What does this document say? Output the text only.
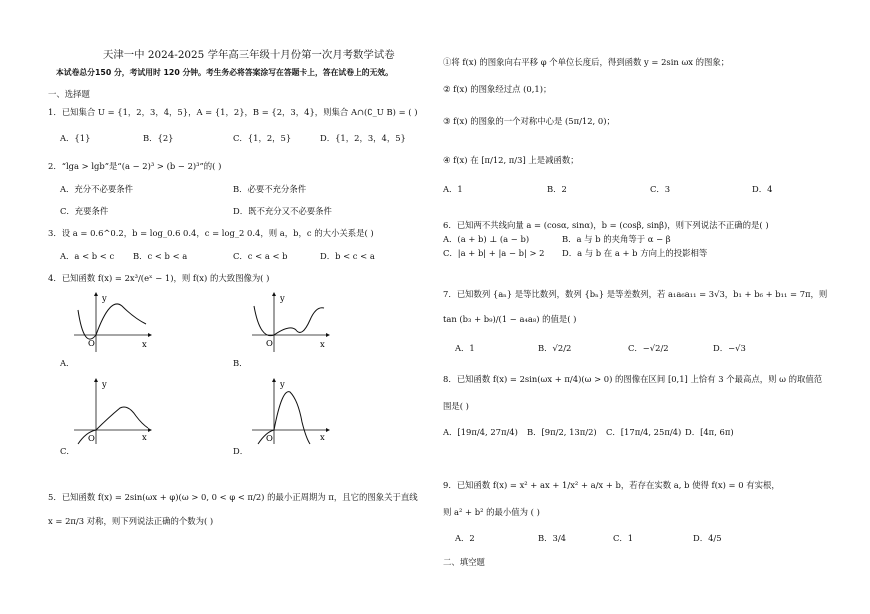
天津一中 2024-2025 学年高三年级十月份第一次月考数学试卷
本试卷总分150 分，考试用时 120 分钟。考生务必将答案涂写在答题卡上，答在试卷上的无效。
一、选择题
1．已知集合 U = {1，2，3，4，5}，A = {1，2}，B = {2，3，4}，则集合 A∩(∁_U B) = ( )
A．{1}	B．{2}	C．{1，2，5}	D．{1，2，3，4，5}
2．“lga > lgb”是“(a − 2)³ > (b − 2)³”的( )
A．充分不必要条件	B．必要不充分条件
C．充要条件	D．既不充分又不必要条件
3．设 a = 0.6^0.2，b = log_0.6 0.4，c = log_2 0.4，则 a，b，c 的大小关系是( )
A．a < b < c B．c < b < a	C．c < a < b	D．b < c < a
4．已知函数 f(x) = 2x³/(eˣ − 1)，则 f(x) 的大致图像为( )
y
O	x
A．
y
O	x
B．
y
O	x
C．
y
O	x
D．
5．已知函数 f(x) = 2sin(ωx + φ)(ω > 0, 0 < φ < π/2) 的最小正周期为 π，且它的图象关于直线
x = 2π/3 对称，则下列说法正确的个数为( )
①将 f(x) 的图象向右平移 φ 个单位长度后，得到函数 y = 2sin ωx 的图象；
② f(x) 的图象经过点 (0,1)；
③ f(x) 的图象的一个对称中心是 (5π/12, 0)；
④ f(x) 在 [π/12, π/3] 上是减函数；
A．1	B．2	C．3	D．4
6．已知两不共线向量 a = (cosα, sinα)，b = (cosβ, sinβ)，则下列说法不正确的是( )
A．(a + b) ⊥ (a − b)	B．a 与 b 的夹角等于 α − β
C．|a + b| + |a − b| > 2 D．a 与 b 在 a + b 方向上的投影相等
7．已知数列 {aₙ} 是等比数列，数列 {bₙ} 是等差数列，若 a₁a₆a₁₁ = 3√3，b₁ + b₆ + b₁₁ = 7π，则
tan (b₃ + b₉)/(1 − a₄a₈) 的值是( )
A．1	B．√2/2	C．−√2/2	D．−√3
8．已知函数 f(x) = 2sin(ωx + π/4)(ω > 0) 的图像在区间 [0,1] 上恰有 3 个最高点，则 ω 的取值范
围是( )
A．[19π/4, 27π/4) B．[9π/2, 13π/2) C．[17π/4, 25π/4) D．[4π, 6π)
9．已知函数 f(x) = x² + ax + 1/x² + a/x + b，若存在实数 a, b 使得 f(x) = 0 有实根，
则 a² + b² 的最小值为 ( )
A．2	B．3/4	C．1	D．4/5
二、填空题
